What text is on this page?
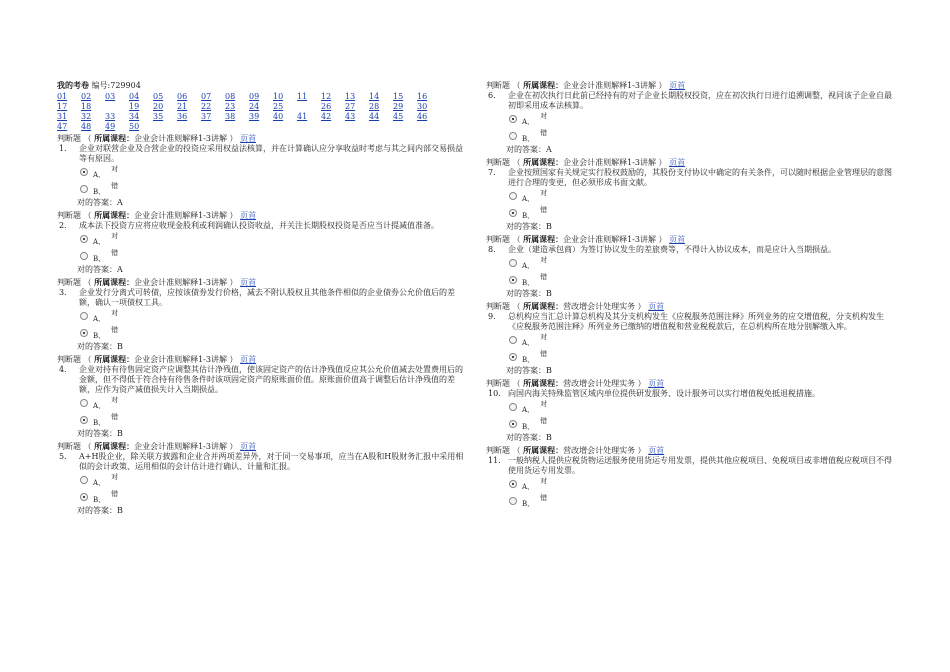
我的考卷 编号:729904
01	02	03	04	05	06	07	08	09	10	11	12	13	14	15	16
17	18	19	20	21	22	23	24	25	26	27	28	29	30
31	32	33	34	35	36	37	38	39	40	41	42	43	44	45	46
47	48	49	50
判断题 （ 所属课程：企业会计准则解释1-3讲解 ） 页首
1.	企业对联营企业及合营企业的投资应采用权益法核算，并在计算确认应分享收益时考虑与其之间内部交易损益等有原因。
A、
对
B、
错
对的答案：A
判断题 （ 所属课程：企业会计准则解释1-3讲解 ） 页首
2.	成本法下投资方应将应收现金股利或利润确认投资收益，并关注长期股权投资是否应当计提减值准备。
A、
对
B、
错
对的答案：A
判断题 （ 所属课程：企业会计准则解释1-3讲解 ） 页首
3.	企业发行分离式可转债，应按该债券发行价格，减去不附认股权且其他条件相似的企业债券公允价值后的差额，确认一项债权工具。
A、
对
B、
错
对的答案：B
判断题 （ 所属课程：企业会计准则解释1-3讲解 ） 页首
4.	企业对持有待售固定资产应调整其估计净残值，使该固定资产的估计净残值反应其公允价值减去处置费用后的金额，但不得低于符合持有待售条件时该项固定资产的原账面价值。原账面价值高于调整后估计净残值的差额，应作为资产减值损失计入当期损益。
A、
对
B、
错
对的答案：B
判断题 （ 所属课程：企业会计准则解释1-3讲解 ） 页首
5.	A+H股企业，除关联方披露和企业合并两项差异外，对于同一交易事项，应当在A股和H股财务汇报中采用相似的会计政策、运用相似的会计估计进行确认、计量和汇报。
A、
对
B、
错
对的答案：B
判断题 （ 所属课程：企业会计准则解释1-3讲解 ） 页首
6.	企业在初次执行日此前已经持有的对子企业长期股权投资，应在初次执行日进行追溯调整，视同该子企业自最初即采用成本法核算。
A、
对
B、
错
对的答案：A
判断题 （ 所属课程：企业会计准则解释1-3讲解 ） 页首
7.	企业按照国家有关规定实行股权鼓励的，其股份支付协议中确定的有关条件，可以随时根据企业管理层的意图进行合理的变更，但必须形成书面文献。
A、
对
B、
错
对的答案：B
判断题 （ 所属课程：企业会计准则解释1-3讲解 ） 页首
8.	企业（建造承包商）为签订协议发生的差旅费等，不得计入协议成本，而是应计入当期损益。
A、
对
B、
错
对的答案：B
判断题 （ 所属课程：营改增会计处理实务 ） 页首
9.	总机构应当汇总计算总机构及其分支机构发生《应税服务范围注释》所列业务的应交增值税，分支机构发生《应税服务范围注释》所列业务已缴纳的增值税和营业税税款后，在总机构所在地分别解缴入库。
A、
对
B、
错
对的答案：B
判断题 （ 所属课程：营改增会计处理实务 ） 页首
10. 向国内海关特殊监管区域内单位提供研发服务、设计服务可以实行增值税免抵退税措施。
A、
对
B、
错
对的答案：B
判断题 （ 所属课程：营改增会计处理实务 ） 页首
11. 一般纳税人提供应税货物运送服务使用货运专用发票，提供其他应税项目、免税项目或非增值税应税项目不得使用货运专用发票。
A、
对
B、
错
